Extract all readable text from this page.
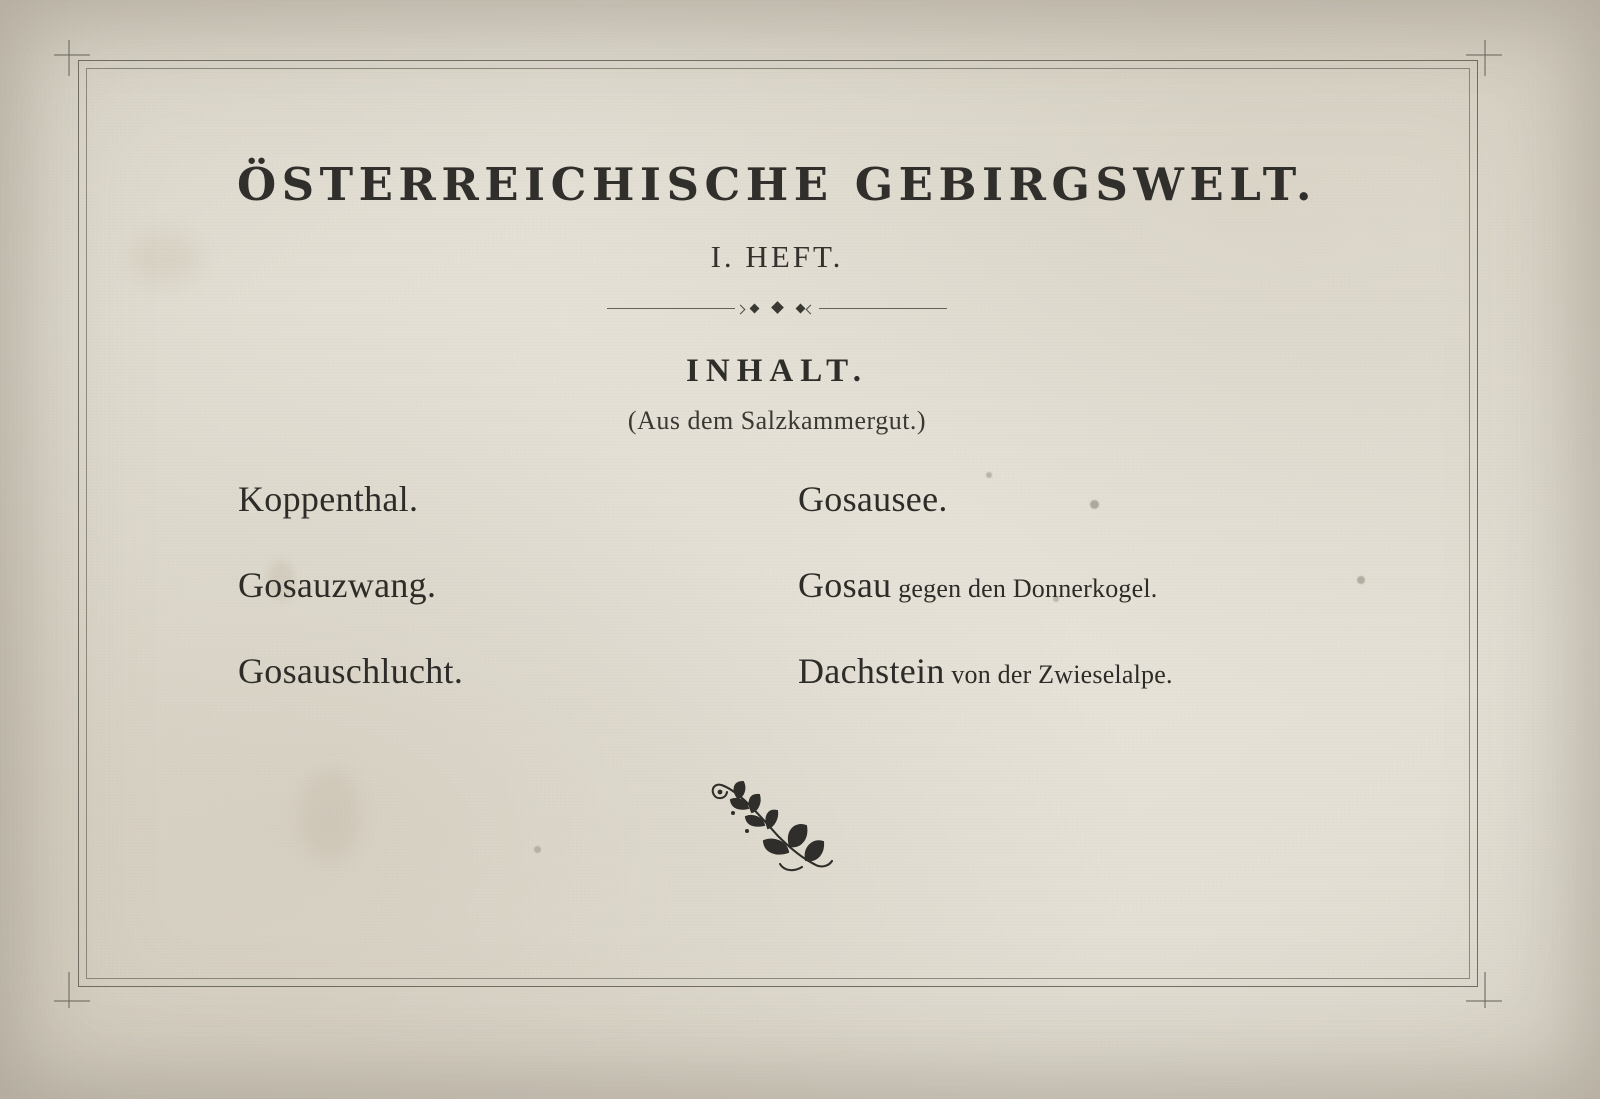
ÖSTERREICHISCHE GEBIRGSWELT.
I. HEFT.
INHALT.
(Aus dem Salzkammergut.)
Koppenthal.
Gosauzwang.
Gosauschlucht.
Gosausee.
Gosau gegen den Donnerkogel.
Dachstein von der Zwieselalpe.
